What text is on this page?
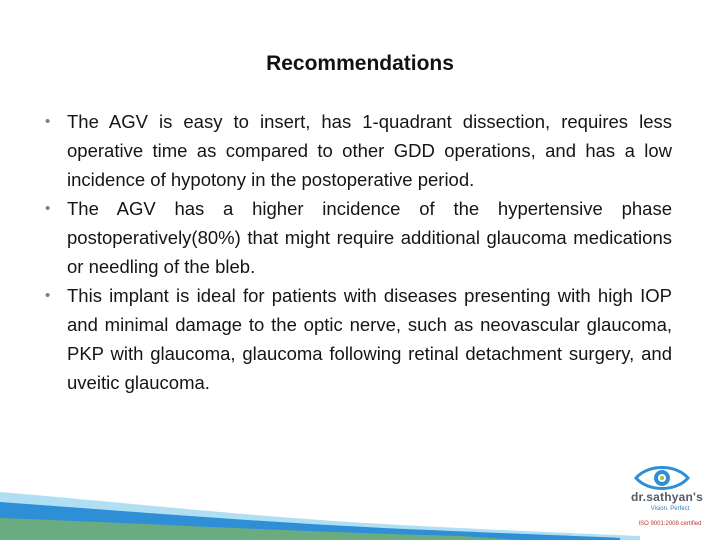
Recommendations
• The AGV is easy to insert, has 1-quadrant dissection, requires less operative time as compared to other GDD operations, and has a low incidence of hypotony in the postoperative period.
• The AGV has a higher incidence of the hypertensive phase postoperatively(80%) that might require additional glaucoma medications or needling of the bleb.
• This implant is ideal for patients with diseases presenting with high IOP and minimal damage to the optic nerve, such as neovascular glaucoma, PKP with glaucoma, glaucoma following retinal detachment surgery, and uveitic glaucoma.
dr.sathyan's
Vision. Perfect
ISO 9001:2008 certified
